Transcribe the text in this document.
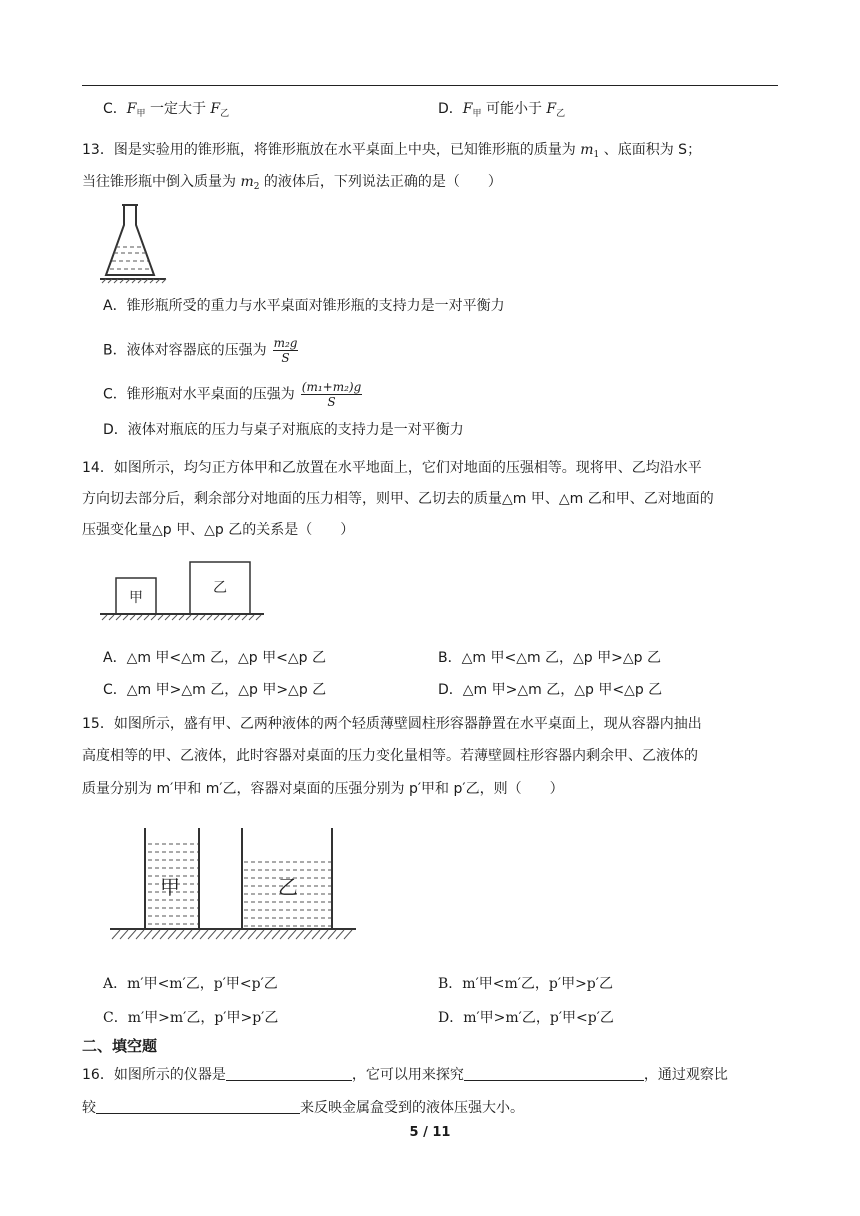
C．$F_甲$ 一定大于 $F_乙$	D．$F_甲$ 可能小于 $F_乙$
13．图是实验用的锥形瓶，将锥形瓶放在水平桌面上中央，已知锥形瓶的质量为 $m_1$ 、底面积为 S；
当往锥形瓶中倒入质量为 $m_2$ 的液体后，下列说法正确的是（　　）
A．锥形瓶所受的重力与水平桌面对锥形瓶的支持力是一对平衡力
B．液体对容器底的压强为 $\frac{\text{m₂g}}{S}$
C．锥形瓶对水平桌面的压强为 $\frac{\text{(m₁+m₂)g}}{S}$
D．液体对瓶底的压力与桌子对瓶底的支持力是一对平衡力
14．如图所示，均匀正方体甲和乙放置在水平地面上，它们对地面的压强相等。现将甲、乙均沿水平
方向切去部分后，剩余部分对地面的压力相等，则甲、乙切去的质量△m 甲、△m 乙和甲、乙对地面的
压强变化量△p 甲、△p 乙的关系是（　　）
甲
乙
A．△m 甲<△m 乙，△p 甲<△p 乙	B．△m 甲<△m 乙，△p 甲>△p 乙
C．△m 甲>△m 乙，△p 甲>△p 乙	D．△m 甲>△m 乙，△p 甲<△p 乙
15．如图所示，盛有甲、乙两种液体的两个轻质薄壁圆柱形容器静置在水平桌面上，现从容器内抽出
高度相等的甲、乙液体，此时容器对桌面的压力变化量相等。若薄壁圆柱形容器内剩余甲、乙液体的
质量分别为 m′甲和 m′乙，容器对桌面的压强分别为 p′甲和 p′乙，则（　　）
甲	乙
A．m′甲<m′乙，p′甲<p′乙	B．m′甲<m′乙，p′甲>p′乙
C．m′甲>m′乙，p′甲>p′乙	D．m′甲>m′乙，p′甲<p′乙
二、填空题
16．如图所示的仪器是	，它可以用来探究	，通过观察比
较	来反映金属盒受到的液体压强大小。
5 / 11
